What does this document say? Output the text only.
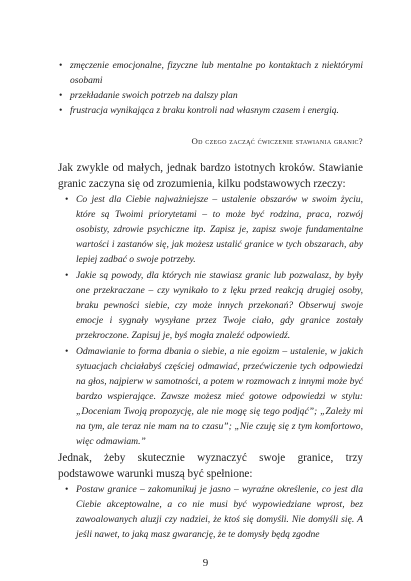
• zmęczenie emocjonalne, fizyczne lub mentalne po kontaktach z niektórymi osobami
• przekładanie swoich potrzeb na dalszy plan
• frustracja wynikająca z braku kontroli nad własnym czasem i energią.
Od czego zacząć ćwiczenie stawiania granic?

Jak zwykle od małych, jednak bardzo istotnych kroków. Stawianie granic zaczyna się od zrozumienia, kilku podstawowych rzeczy:

• Co jest dla Ciebie najważniejsze – ustalenie obszarów w swoim życiu, które są Twoimi priorytetami – to może być rodzina, praca, rozwój osobisty, zdrowie psychiczne itp. Zapisz je, zapisz swoje fundamentalne wartości i zastanów się, jak możesz ustalić granice w tych obszarach, aby lepiej zadbać o swoje potrzeby.
• Jakie są powody, dla których nie stawiasz granic lub pozwalasz, by były one przekraczane – czy wynikało to z lęku przed reakcją drugiej osoby, braku pewności siebie, czy może innych przekonań? Obserwuj swoje emocje i sygnały wysyłane przez Twoje ciało, gdy granice zostały przekroczone. Zapisuj je, byś mogła znaleźć odpowiedź.
• Odmawianie to forma dbania o siebie, a nie egoizm – ustalenie, w jakich sytuacjach chciałabyś częściej odmawiać, przećwiczenie tych odpowiedzi na głos, najpierw w samotności, a potem w rozmowach z innymi może być bardzo wspierające. Zawsze możesz mieć gotowe odpowiedzi w stylu: „Doceniam Twoją propozycję, ale nie mogę się tego podjąć”; „Zależy mi na tym, ale teraz nie mam na to czasu”; „Nie czuję się z tym komfortowo, więc odmawiam.”

Jednak, żeby skutecznie wyznaczyć swoje granice, trzy podstawowe warunki muszą być spełnione:

• Postaw granice – zakomunikuj je jasno – wyraźne określenie, co jest dla Ciebie akceptowalne, a co nie musi być wypowiedziane wprost, bez zawoalowanych aluzji czy nadziei, że ktoś się domyśli. Nie domyśli się. A jeśli nawet, to jaką masz gwarancję, że te domysły będą zgodne
9
